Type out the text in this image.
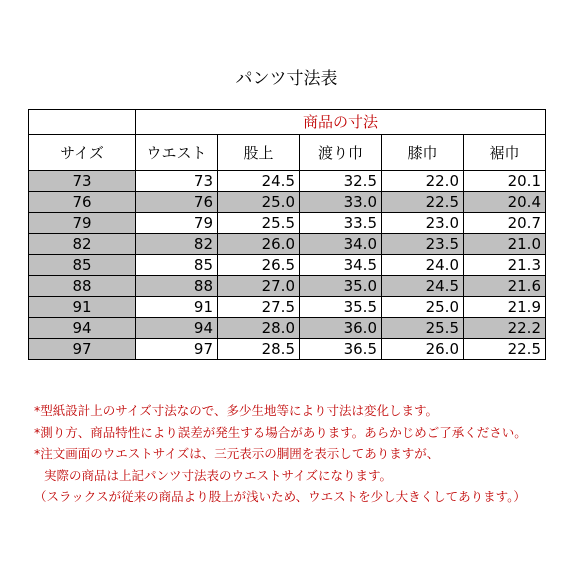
パンツ寸法表
	商品の寸法				
サイズ	ウエスト	股上	渡り巾	膝巾	裾巾
73	73	24.5	32.5	22.0	20.1
76	76	25.0	33.0	22.5	20.4
79	79	25.5	33.5	23.0	20.7
82	82	26.0	34.0	23.5	21.0
85	85	26.5	34.5	24.0	21.3
88	88	27.0	35.0	24.5	21.6
91	91	27.5	35.5	25.0	21.9
94	94	28.0	36.0	25.5	22.2
97	97	28.5	36.5	26.0	22.5
*型紙設計上のサイズ寸法なので、多少生地等により寸法は変化します。
*測り方、商品特性により誤差が発生する場合があります。あらかじめご了承ください。
*注文画面のウエストサイズは、三元表示の胴囲を表示してありますが、
実際の商品は上記パンツ寸法表のウエストサイズになります。
（スラックスが従来の商品より股上が浅いため、ウエストを少し大きくしてあります。）
